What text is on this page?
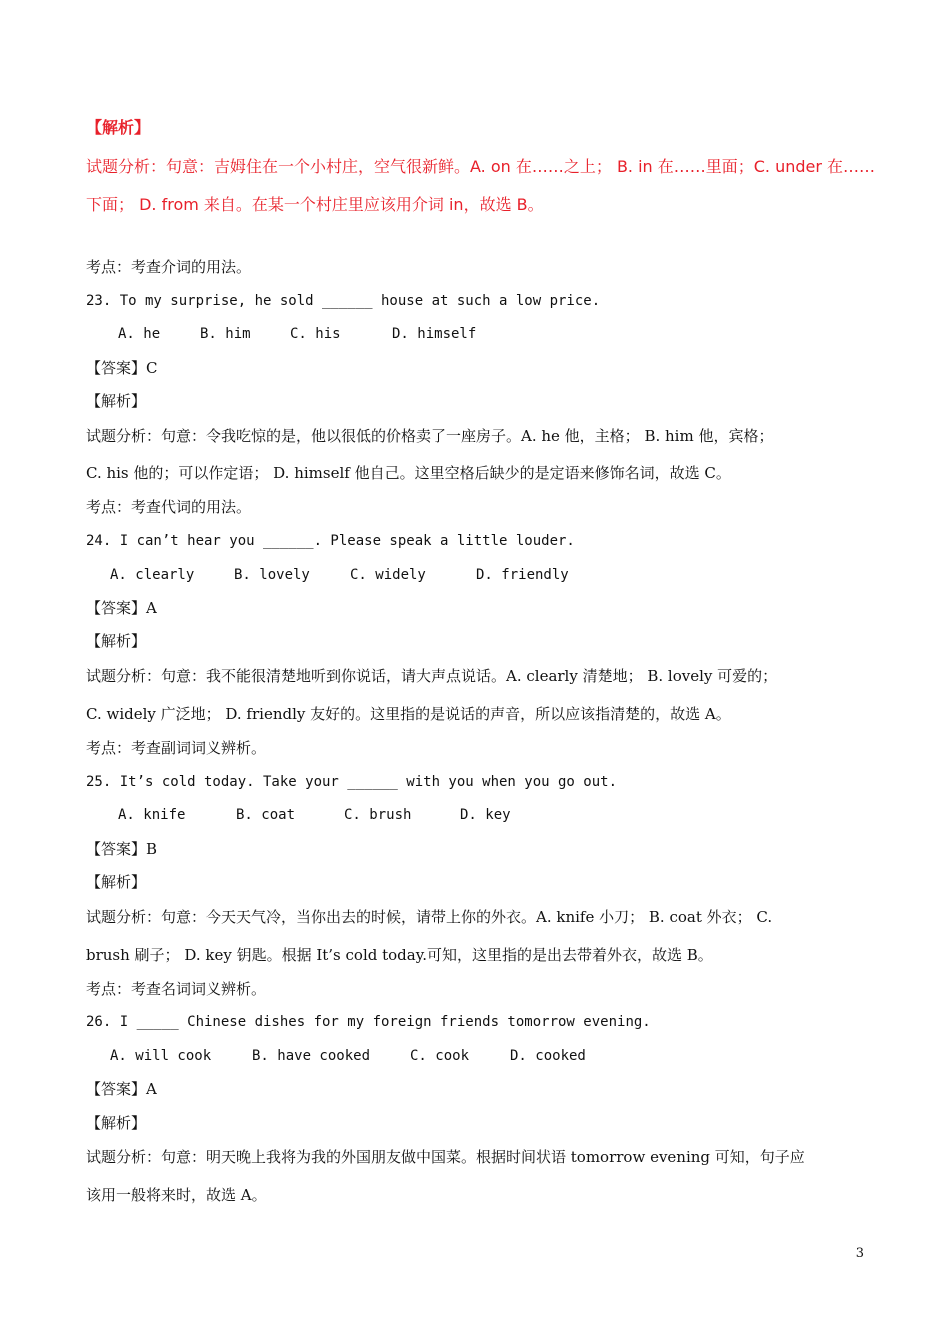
【解析】
试题分析：句意：吉姆住在一个小村庄，空气很新鲜。A. on 在……之上； B. in 在……里面；C. under 在……
下面； D. from 来自。在某一个村庄里应该用介词 in，故选 B。
考点：考查介词的用法。
23. To my surprise, he sold ______ house at such a low price.
A. he	B. him	C. his	D. himself
【答案】C
【解析】
试题分析：句意：令我吃惊的是，他以很低的价格卖了一座房子。A. he 他，主格； B. him 他，宾格；
C. his 他的；可以作定语； D. himself 他自己。这里空格后缺少的是定语来修饰名词，故选 C。
考点：考查代词的用法。
24. I can’t hear you ______. Please speak a little louder.
A. clearly	B. lovely	C. widely	D. friendly
【答案】A
【解析】
试题分析：句意：我不能很清楚地听到你说话，请大声点说话。A. clearly 清楚地； B. lovely 可爱的；
C. widely 广泛地； D. friendly 友好的。这里指的是说话的声音，所以应该指清楚的，故选 A。
考点：考查副词词义辨析。
25. It’s cold today. Take your ______ with you when you go out.
A. knife	B. coat	C. brush	D. key
【答案】B
【解析】
试题分析：句意：今天天气冷，当你出去的时候，请带上你的外衣。A. knife 小刀； B. coat 外衣； C.
brush 刷子； D. key 钥匙。根据 It’s cold today.可知，这里指的是出去带着外衣，故选 B。
考点：考查名词词义辨析。
26. I _____ Chinese dishes for my foreign friends tomorrow evening.
A. will cook	B. have cooked	C. cook	D. cooked
【答案】A
【解析】
试题分析：句意：明天晚上我将为我的外国朋友做中国菜。根据时间状语 tomorrow evening 可知，句子应
该用一般将来时，故选 A。
3
